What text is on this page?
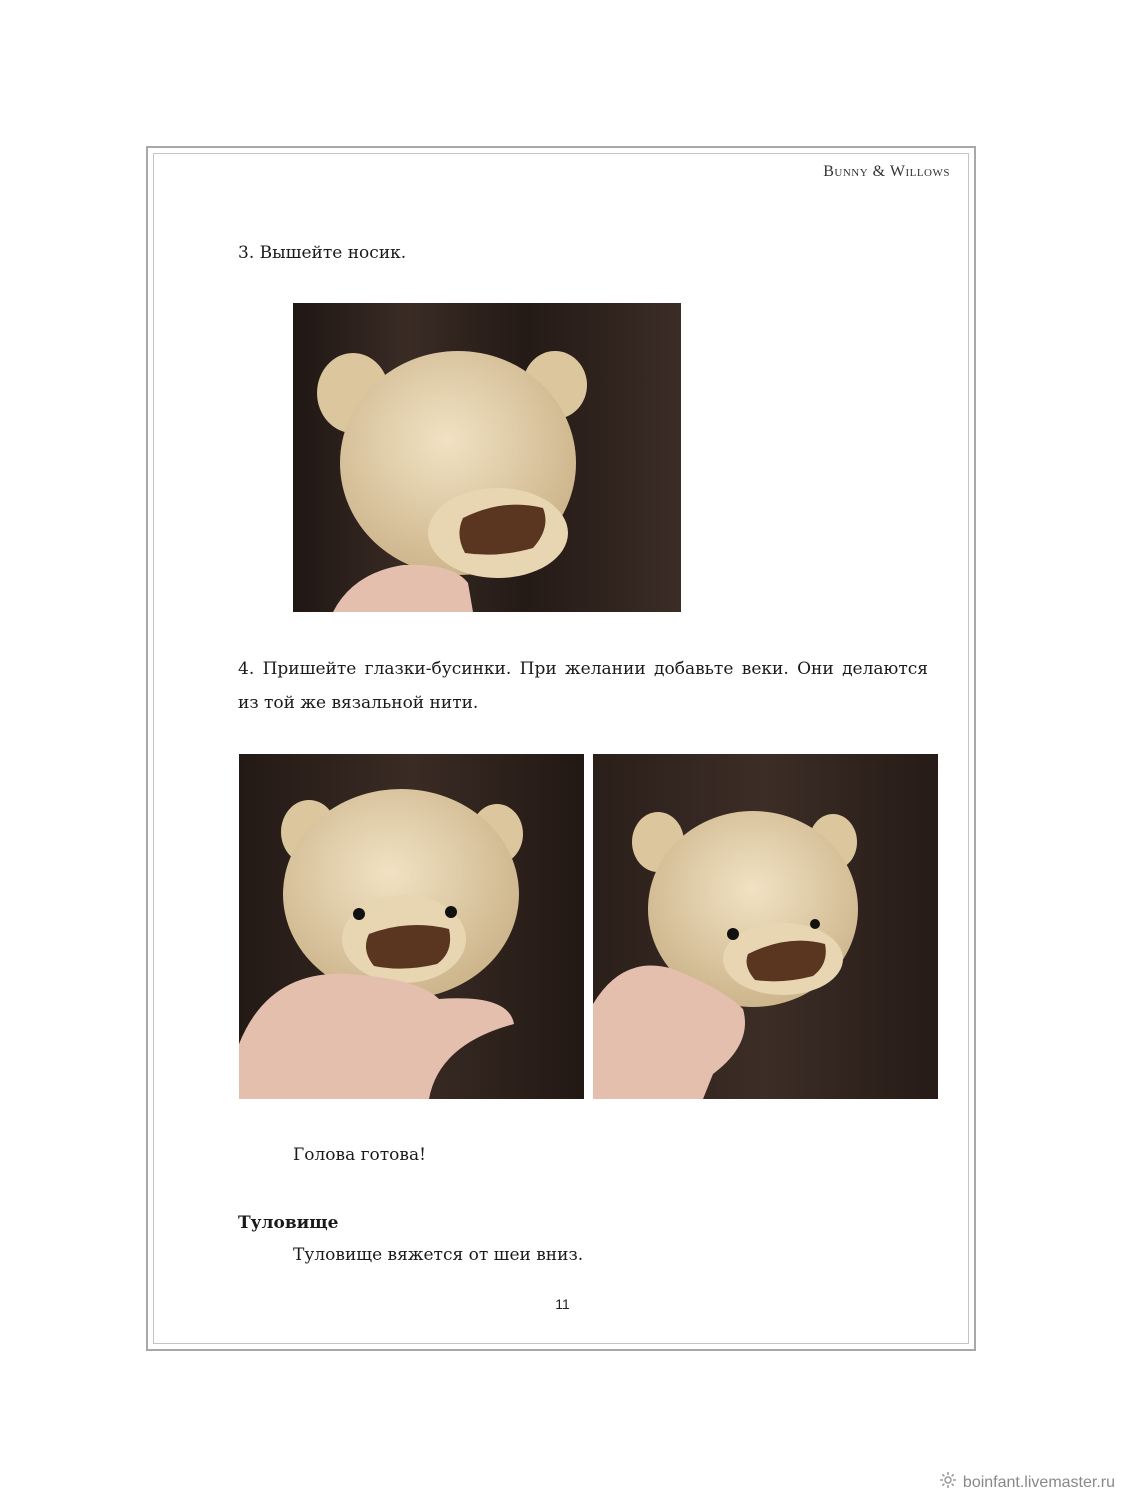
Bunny & Willows
3. Вышейте носик.
4. Пришейте глазки-бусинки. При желании добавьте веки. Они делаются из той же вязальной нити.
Голова готова!
Туловище
Туловище вяжется от шеи вниз.
11
boinfant.livemaster.ru
